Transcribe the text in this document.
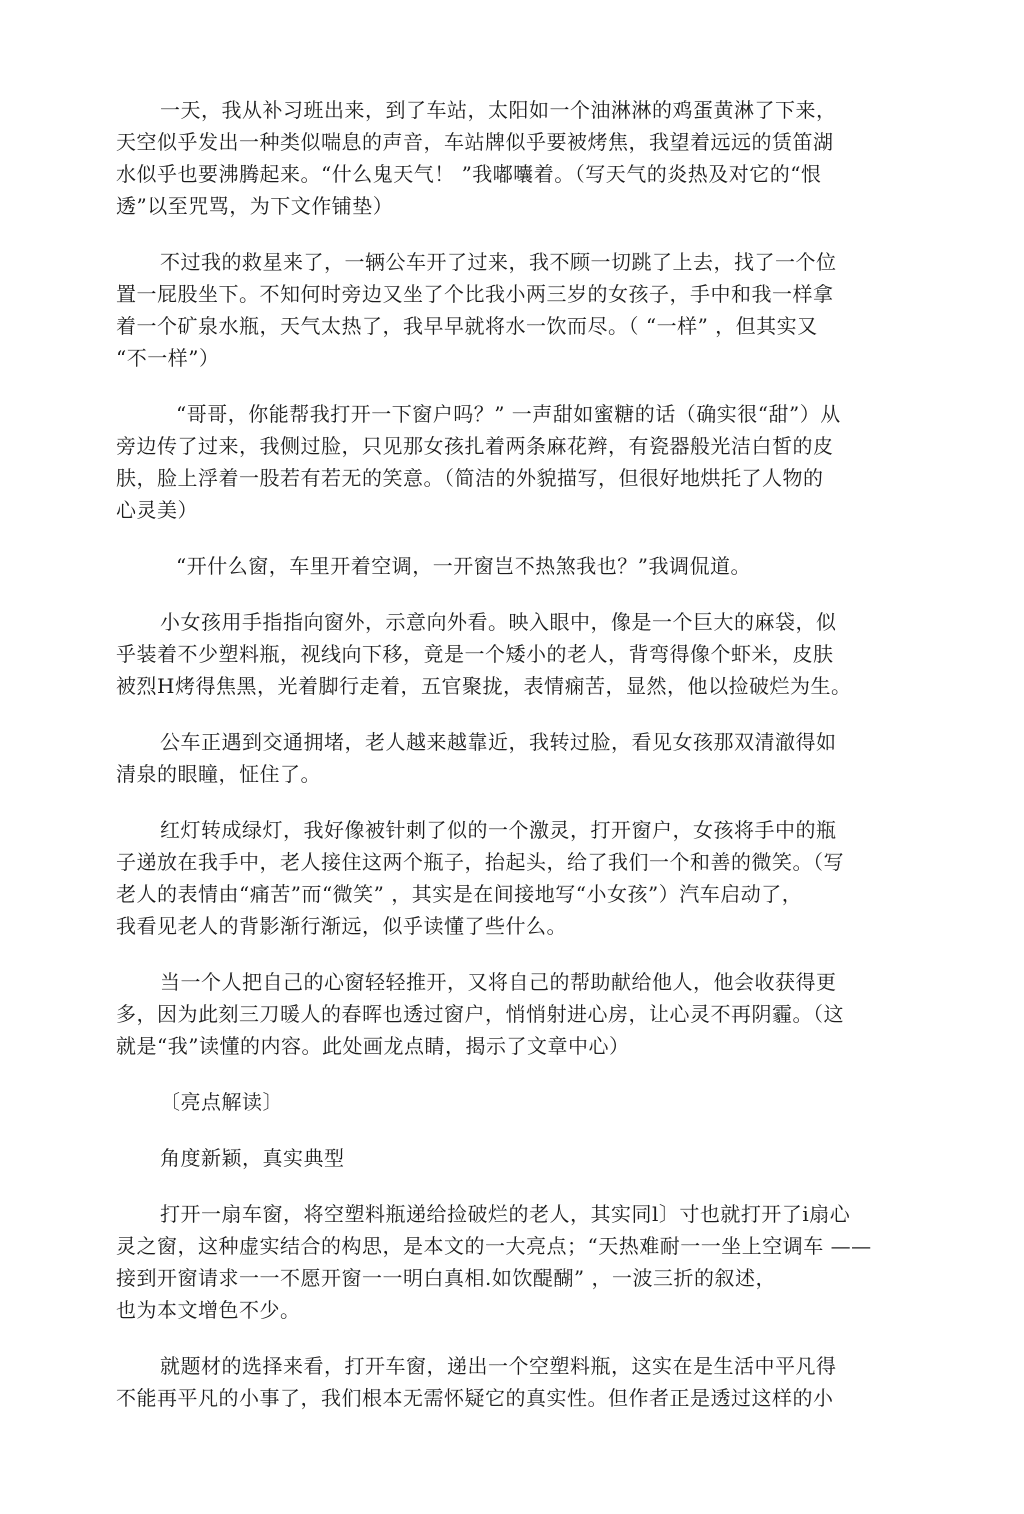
一天，我从补习班出来，到了车站，太阳如一个油淋淋的鸡蛋黄淋了下来，

天空似乎发出一种类似喘息的声音，车站牌似乎要被烤焦，我望着远远的赁笛湖

水似乎也要沸腾起来。“什么鬼天气！ ”我嘟囔着。（写天气的炎热及对它的“恨

透”以至咒骂，为下文作铺垫）

不过我的救星来了，一辆公车开了过来，我不顾一切跳了上去，找了一个位

置一屁股坐下。不知何时旁边又坐了个比我小两三岁的女孩子，手中和我一样拿

着一个矿泉水瓶，天气太热了，我早早就将水一饮而尽。（ “一样” ，但其实又

“不一样”）

“哥哥，你能帮我打开一下窗户吗？” 一声甜如蜜糖的话（确实很“甜”）从

旁边传了过来，我侧过脸，只见那女孩扎着两条麻花辫，有瓷器般光洁白皙的皮

肤，脸上浮着一股若有若无的笑意。（简洁的外貌描写，但很好地烘托了人物的

心灵美）

“开什么窗，车里开着空调，一开窗岂不热煞我也？”我调侃道。

小女孩用手指指向窗外，示意向外看。映入眼中，像是一个巨大的麻袋，似

乎装着不少塑料瓶，视线向下移，竟是一个矮小的老人，背弯得像个虾米，皮肤

被烈H烤得焦黑，光着脚行走着，五官聚拢，表情痫苦，显然，他以捡破烂为生。

公车正遇到交通拥堵，老人越来越靠近，我转过脸，看见女孩那双清澈得如

清泉的眼瞳，怔住了。

红灯转成绿灯，我好像被针刺了似的一个激灵，打开窗户，女孩将手中的瓶

子递放在我手中，老人接住这两个瓶子，抬起头，给了我们一个和善的微笑。（写

老人的表情由“痛苦”而“微笑” ，其实是在间接地写“小女孩”）汽车启动了，

我看见老人的背影渐行渐远，似乎读懂了些什么。

当一个人把自己的心窗轻轻推开，又将自己的帮助献给他人，他会收获得更

多，因为此刻三刀暖人的春晖也透过窗户，悄悄射进心房，让心灵不再阴霾。（这

就是“我”读懂的内容。此处画龙点睛，揭示了文章中心）

〔亮点解读〕

角度新颖，真实典型

打开一扇车窗，将空塑料瓶递给捡破烂的老人，其实同l〕寸也就打开了i扇心

灵之窗，这种虚实结合的构思，是本文的一大亮点；“天热难耐一一坐上空调车 ——

接到开窗请求一一不愿开窗一一明白真相.如饮醍醐” ，一波三折的叙述，

也为本文增色不少。

就题材的选择来看，打开车窗，递出一个空塑料瓶，这实在是生活中平凡得

不能再平凡的小事了，我们根本无需怀疑它的真实性。但作者正是透过这样的小
